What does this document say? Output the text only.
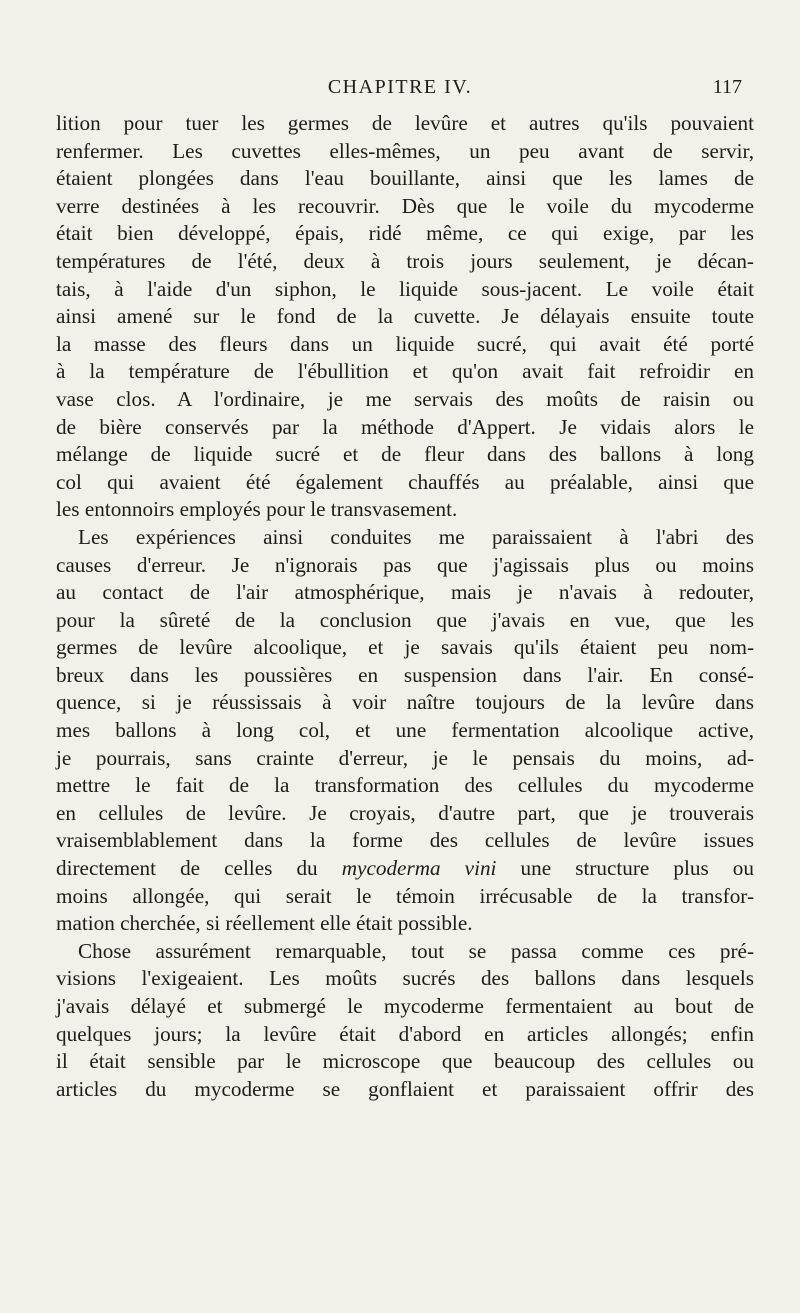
CHAPITRE IV.	117
lition pour tuer les germes de levûre et autres qu'ils pouvaient
renfermer. Les cuvettes elles-mêmes, un peu avant de servir,
étaient plongées dans l'eau bouillante, ainsi que les lames de
verre destinées à les recouvrir. Dès que le voile du mycoderme
était bien développé, épais, ridé même, ce qui exige, par les
températures de l'été, deux à trois jours seulement, je décan-
tais, à l'aide d'un siphon, le liquide sous-jacent. Le voile était
ainsi amené sur le fond de la cuvette. Je délayais ensuite toute
la masse des fleurs dans un liquide sucré, qui avait été porté
à la température de l'ébullition et qu'on avait fait refroidir en
vase clos. A l'ordinaire, je me servais des moûts de raisin ou
de bière conservés par la méthode d'Appert. Je vidais alors le
mélange de liquide sucré et de fleur dans des ballons à long
col qui avaient été également chauffés au préalable, ainsi que
les entonnoirs employés pour le transvasement.
Les expériences ainsi conduites me paraissaient à l'abri des
causes d'erreur. Je n'ignorais pas que j'agissais plus ou moins
au contact de l'air atmosphérique, mais je n'avais à redouter,
pour la sûreté de la conclusion que j'avais en vue, que les
germes de levûre alcoolique, et je savais qu'ils étaient peu nom-
breux dans les poussières en suspension dans l'air. En consé-
quence, si je réussissais à voir naître toujours de la levûre dans
mes ballons à long col, et une fermentation alcoolique active,
je pourrais, sans crainte d'erreur, je le pensais du moins, ad-
mettre le fait de la transformation des cellules du mycoderme
en cellules de levûre. Je croyais, d'autre part, que je trouverais
vraisemblablement dans la forme des cellules de levûre issues
directement de celles du mycoderma vini une structure plus ou
moins allongée, qui serait le témoin irrécusable de la transfor-
mation cherchée, si réellement elle était possible.
Chose assurément remarquable, tout se passa comme ces pré-
visions l'exigeaient. Les moûts sucrés des ballons dans lesquels
j'avais délayé et submergé le mycoderme fermentaient au bout de
quelques jours; la levûre était d'abord en articles allongés; enfin
il était sensible par le microscope que beaucoup des cellules ou
articles du mycoderme se gonflaient et paraissaient offrir des
